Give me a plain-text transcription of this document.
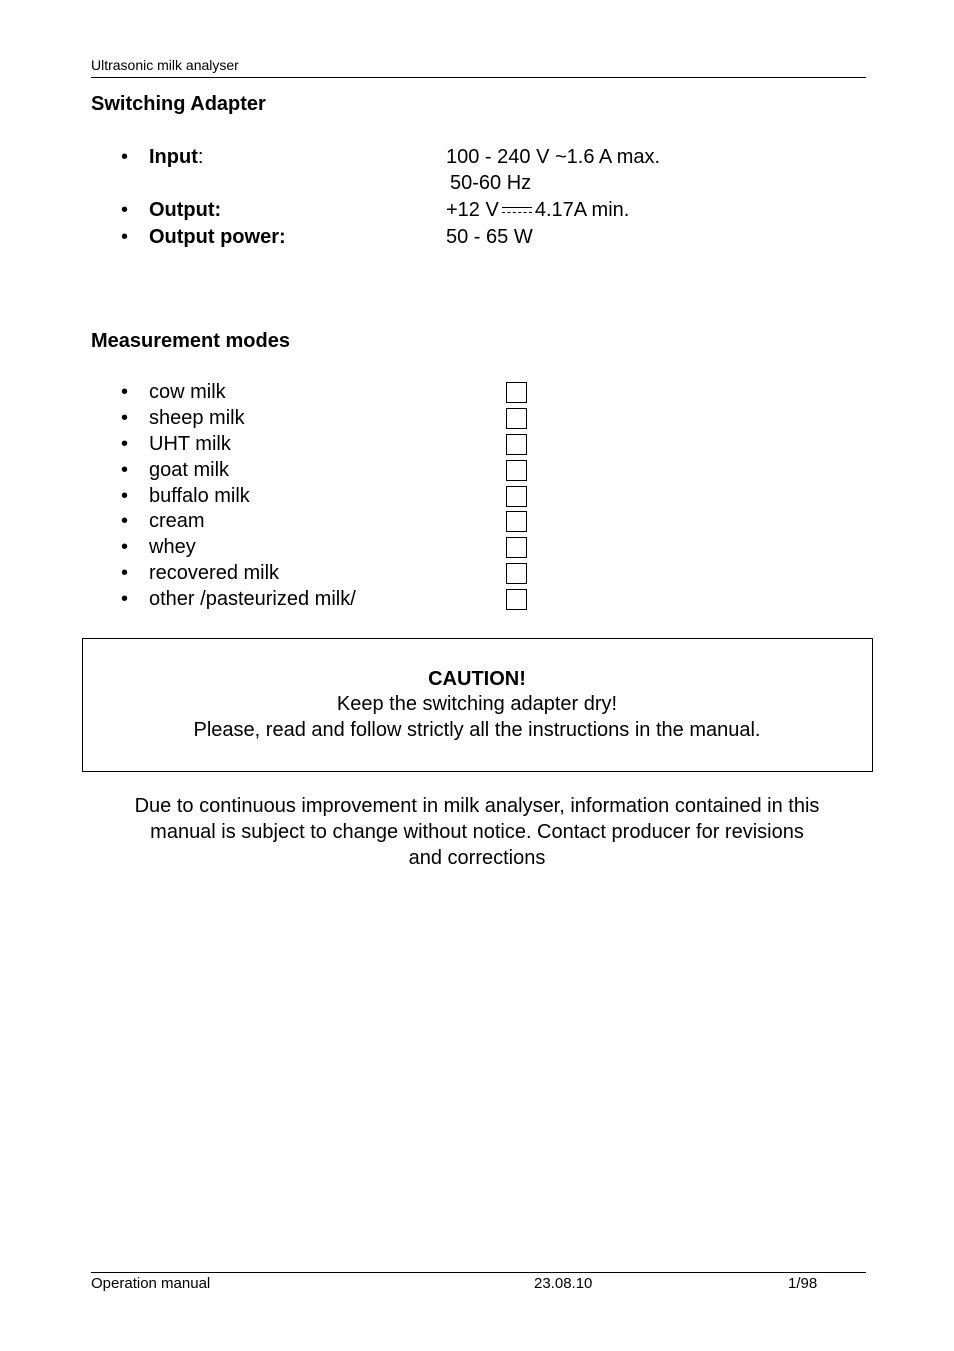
Ultrasonic milk analyser
Switching Adapter
• Input:	100 - 240 V ~1.6 A max.
50-60 Hz
• Output:	+12 V 4.17A min.
• Output power:	50 - 65 W
Measurement modes
• cow milk
• sheep milk
• UHT milk
• goat milk
• buffalo milk
• cream
• whey
• recovered milk
• other /pasteurized milk/
CAUTION!
Keep the switching adapter dry!
Please, read and follow strictly all the instructions in the manual.
Due to continuous improvement in milk analyser, information contained in this
manual is subject to change without notice. Contact producer for revisions
and corrections
Operation manual	23.08.10	1/98
